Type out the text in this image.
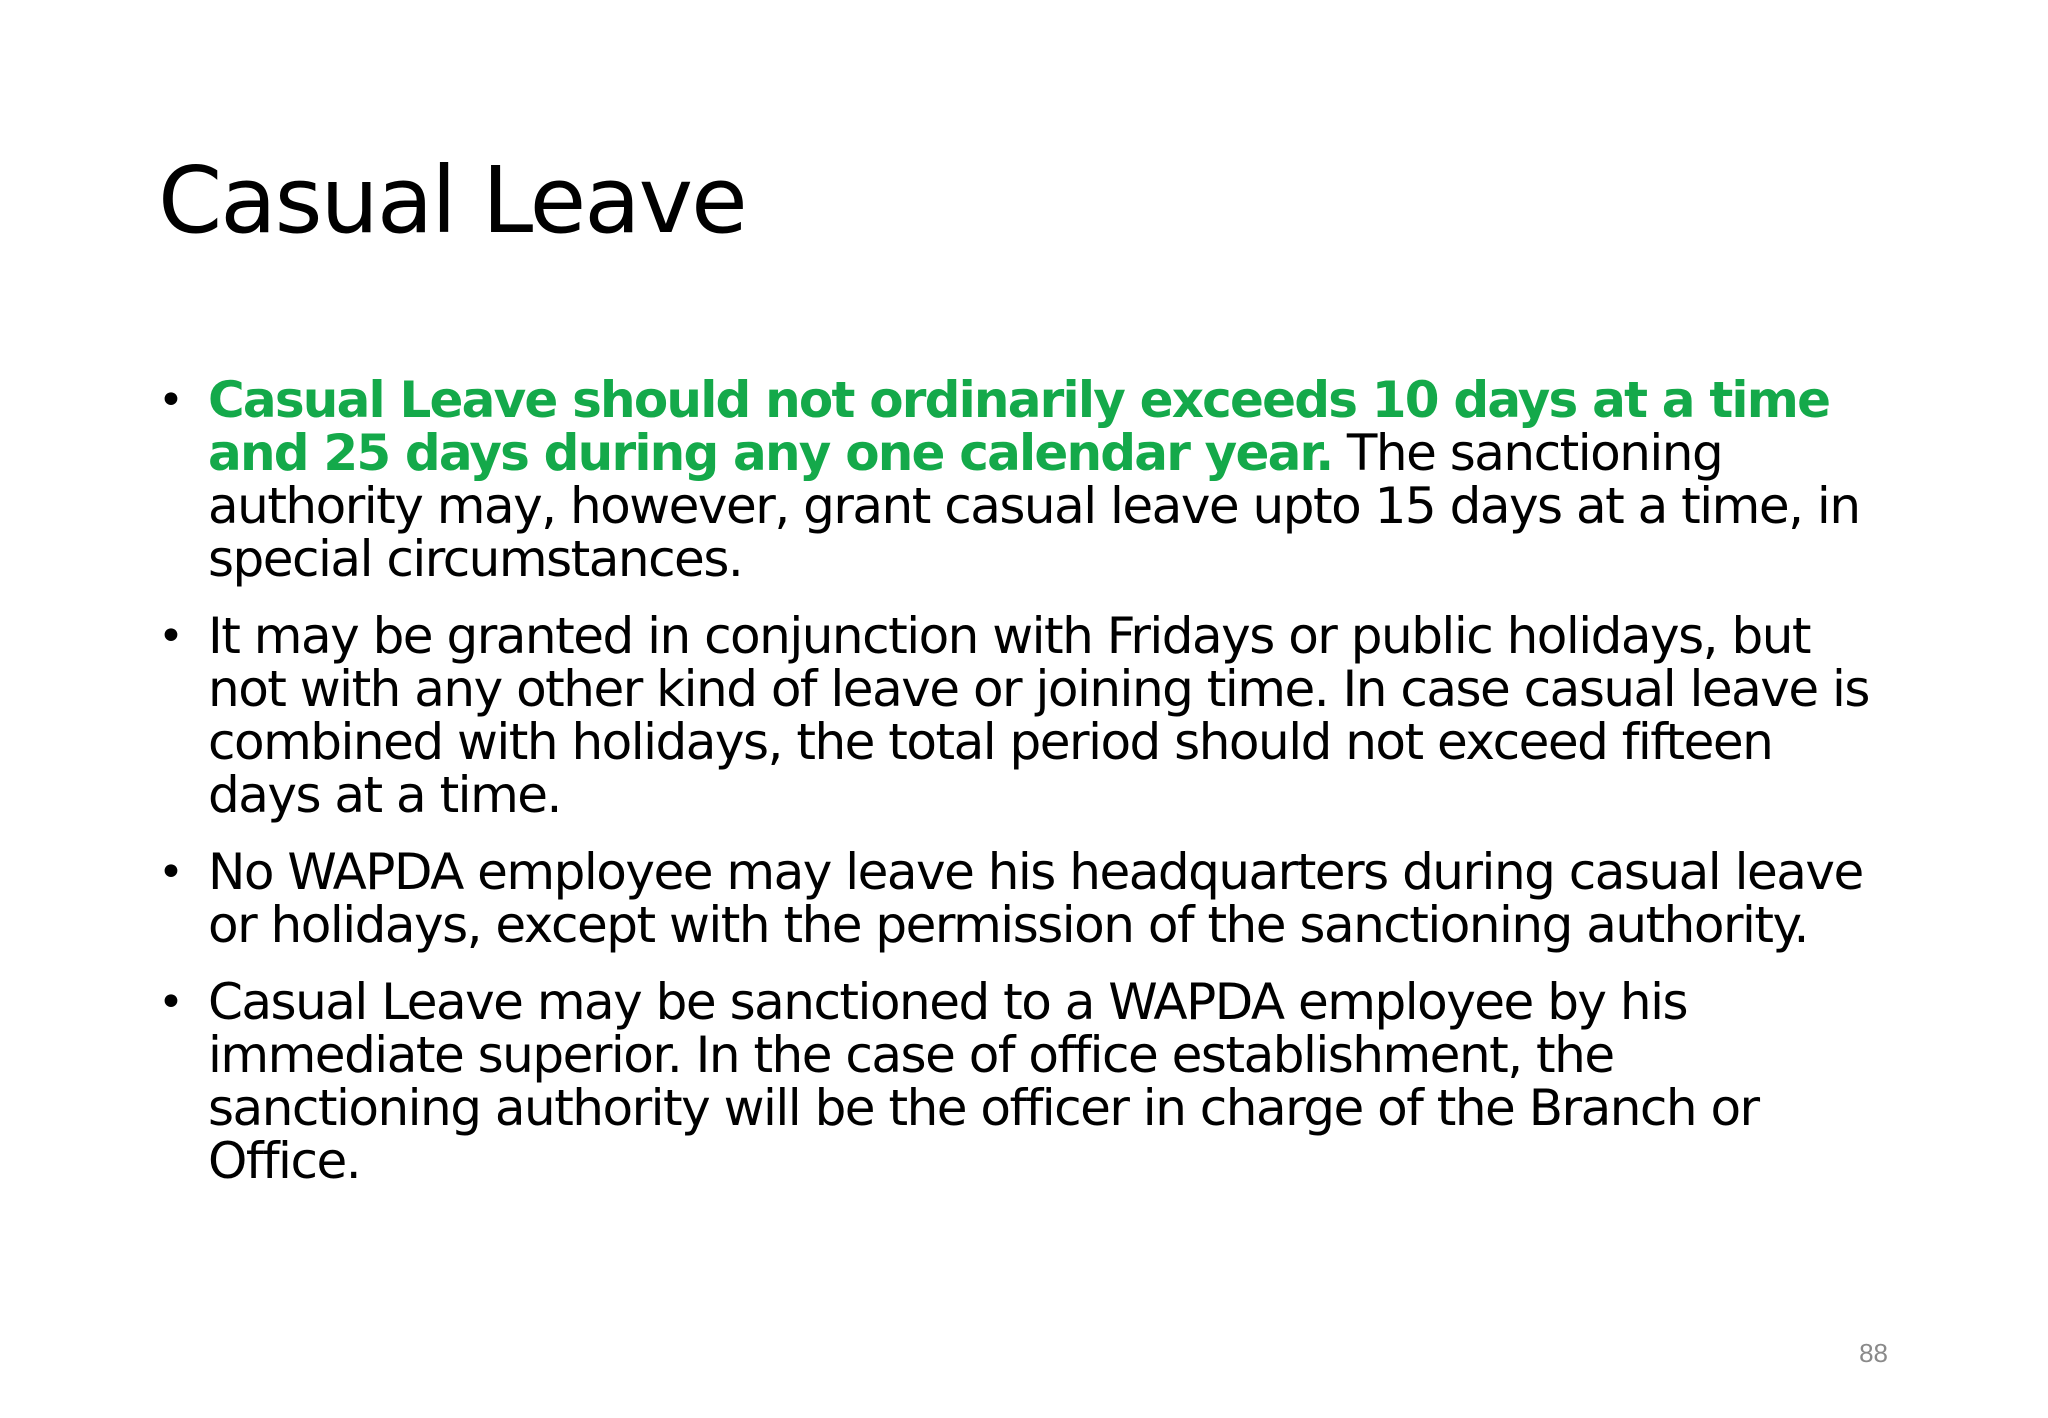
Casual Leave
• Casual Leave should not ordinarily exceeds 10 days at a time and 25 days during any one calendar year. The sanctioning authority may, however, grant casual leave upto 15 days at a time, in special circumstances.
• It may be granted in conjunction with Fridays or public holidays, but not with any other kind of leave or joining time. In case casual leave is combined with holidays, the total period should not exceed fifteen days at a time.
• No WAPDA employee may leave his headquarters during casual leave or holidays, except with the permission of the sanctioning authority.
• Casual Leave may be sanctioned to a WAPDA employee by his immediate superior. In the case of office establishment, the sanctioning authority will be the officer in charge of the Branch or Office.
88
